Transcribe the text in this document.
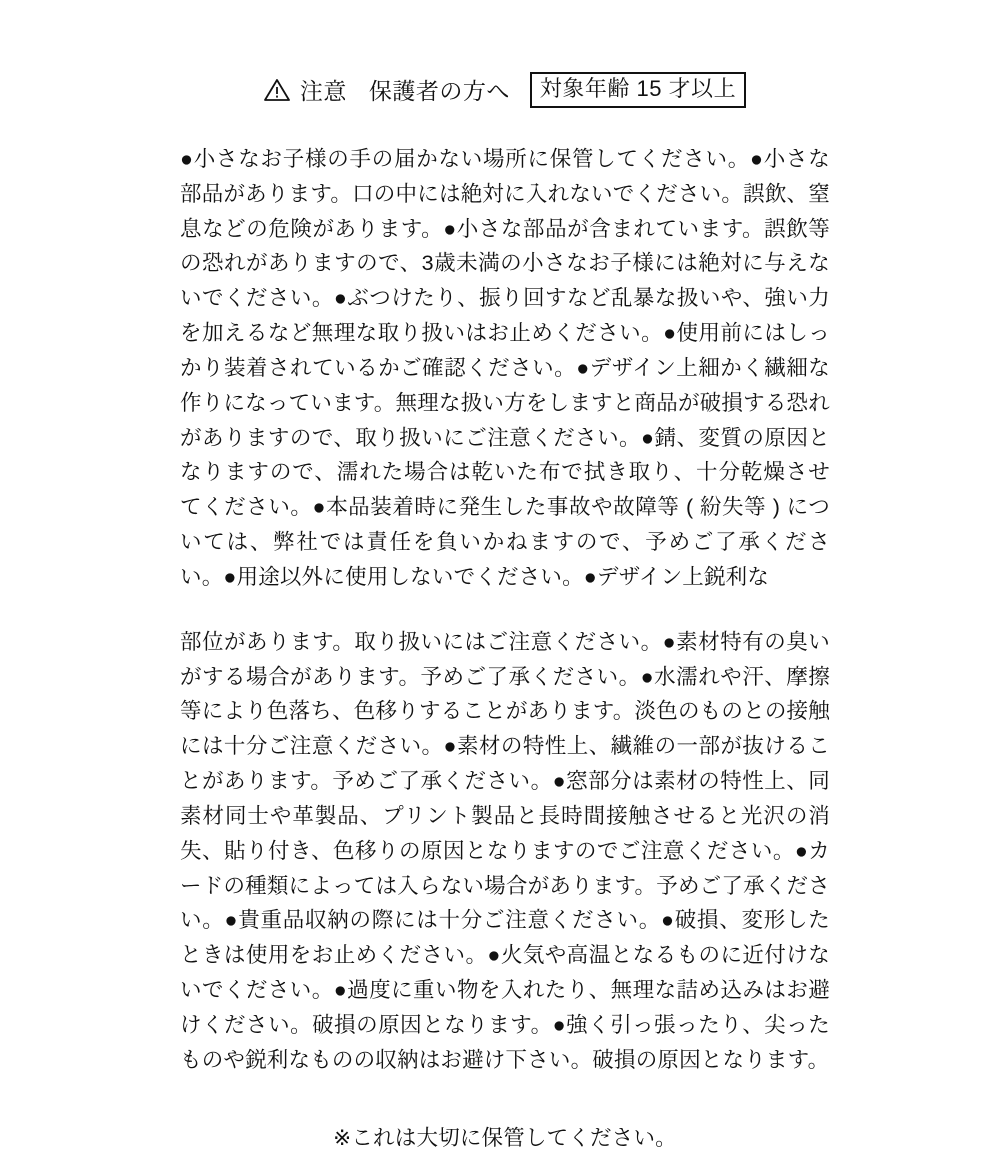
注意 保護者の方へ	対象年齢 15 才以上

●小さなお子様の手の届かない場所に保管してください。●小さな部品があります。口の中には絶対に入れないでください。誤飲、窒息などの危険があります。●小さな部品が含まれています。誤飲等の恐れがありますので、3歳未満の小さなお子様には絶対に与えないでください。●ぶつけたり、振り回すなど乱暴な扱いや、強い力を加えるなど無理な取り扱いはお止めください。●使用前にはしっかり装着されているかご確認ください。●デザイン上細かく繊細な作りになっています。無理な扱い方をしますと商品が破損する恐れがありますので、取り扱いにご注意ください。●錆、変質の原因となりますので、濡れた場合は乾いた布で拭き取り、十分乾燥させてください。●本品装着時に発生した事故や故障等 ( 紛失等 ) については、弊社では責任を負いかねますので、予めご了承ください。●用途以外に使用しないでください。●デザイン上鋭利な

部位があります。取り扱いにはご注意ください。●素材特有の臭いがする場合があります。予めご了承ください。●水濡れや汗、摩擦等により色落ち、色移りすることがあります。淡色のものとの接触には十分ご注意ください。●素材の特性上、繊維の一部が抜けることがあります。予めご了承ください。●窓部分は素材の特性上、同素材同士や革製品、プリント製品と長時間接触させると光沢の消失、貼り付き、色移りの原因となりますのでご注意ください。●カードの種類によっては入らない場合があります。予めご了承ください。●貴重品収納の際には十分ご注意ください。●破損、変形したときは使用をお止めください。●火気や高温となるものに近付けないでください。●過度に重い物を入れたり、無理な詰め込みはお避けください。破損の原因となります。●強く引っ張ったり、尖ったものや鋭利なものの収納はお避け下さい。破損の原因となります。

※これは大切に保管してください。
